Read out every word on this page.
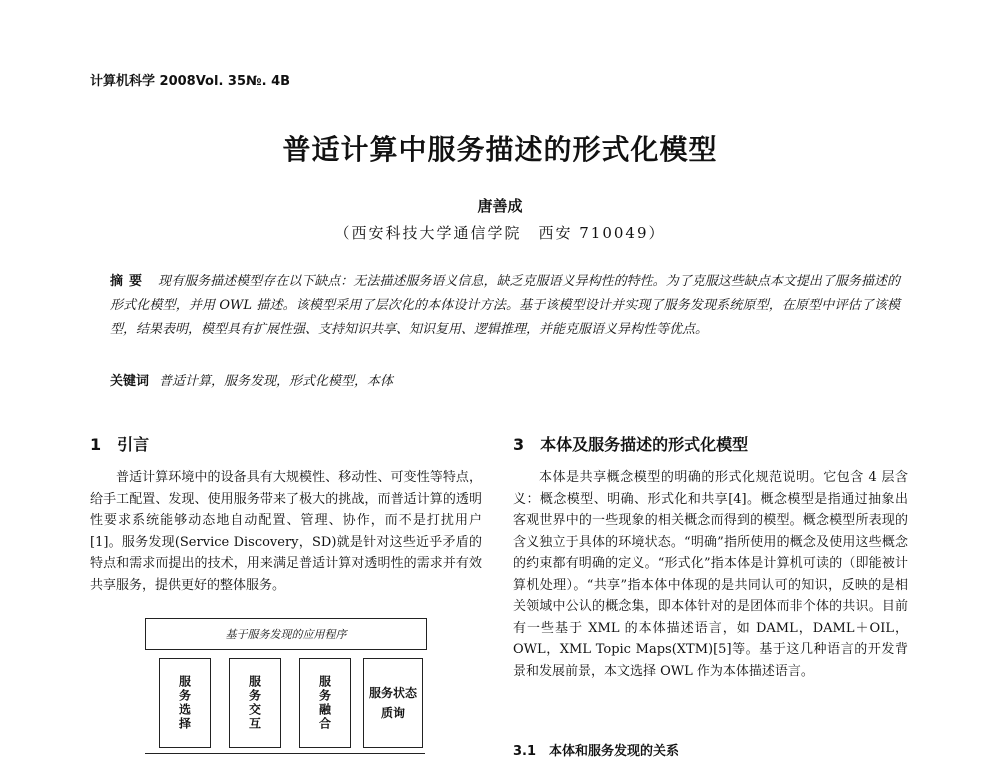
计算机科学 2008Vol. 35№. 4B
普适计算中服务描述的形式化模型
唐善成
（西安科技大学通信学院　西安 710049）
摘要 现有服务描述模型存在以下缺点：无法描述服务语义信息，缺乏克服语义异构性的特性。为了克服这些缺点本文提出了服务描述的形式化模型，并用 OWL 描述。该模型采用了层次化的本体设计方法。基于该模型设计并实现了服务发现系统原型，在原型中评估了该模型，结果表明，模型具有扩展性强、支持知识共享、知识复用、逻辑推理，并能克服语义异构性等优点。
关键词 普适计算，服务发现，形式化模型，本体
1　引言

普适计算环境中的设备具有大规模性、移动性、可变性等特点，给手工配置、发现、使用服务带来了极大的挑战，而普适计算的透明性要求系统能够动态地自动配置、管理、协作，而不是打扰用户[1]。服务发现(Service Discovery，SD)就是针对这些近乎矛盾的特点和需求而提出的技术，用来满足普适计算对透明性的需求并有效共享服务，提供更好的整体服务。

基于服务发现的应用程序
服务选择	服务交互	服务融合	服务状态质询
3　本体及服务描述的形式化模型

本体是共享概念模型的明确的形式化规范说明。它包含 4 层含义：概念模型、明确、形式化和共享[4]。概念模型是指通过抽象出客观世界中的一些现象的相关概念而得到的模型。概念模型所表现的含义独立于具体的环境状态。“明确”指所使用的概念及使用这些概念的约束都有明确的定义。“形式化”指本体是计算机可读的（即能被计算机处理）。“共享”指本体中体现的是共同认可的知识，反映的是相关领域中公认的概念集，即本体针对的是团体而非个体的共识。目前有一些基于 XML 的本体描述语言，如 DAML，DAML＋OIL，OWL，XML Topic Maps(XTM)[5]等。基于这几种语言的开发背景和发展前景，本文选择 OWL 作为本体描述语言。

3.1　本体和服务发现的关系
